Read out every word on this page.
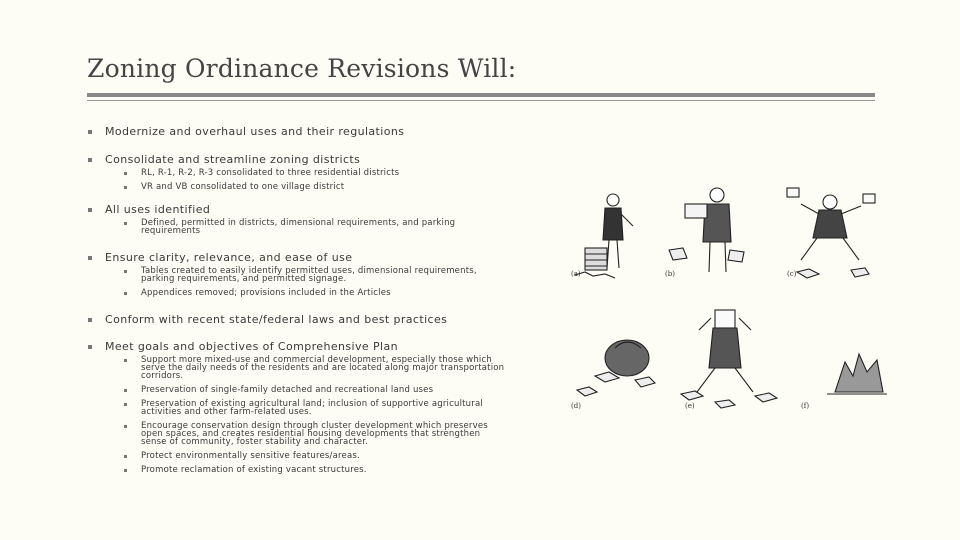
Zoning Ordinance Revisions Will:
Modernize and overhaul uses and their regulations
Consolidate and streamline zoning districts
RL, R-1, R-2, R-3 consolidated to three residential districts
VR and VB consolidated to one village district
All uses identified
Defined, permitted in districts, dimensional requirements, and parking requirements
Ensure clarity, relevance, and ease of use
Tables created to easily identify permitted uses, dimensional requirements, parking requirements, and permitted signage.
Appendices removed; provisions included in the Articles
Conform with recent state/federal laws and best practices
Meet goals and objectives of Comprehensive Plan
Support more mixed-use and commercial development, especially those which serve the daily needs of the residents and are located along major transportation corridors.
Preservation of single-family detached and recreational land uses
Preservation of existing agricultural land; inclusion of supportive agricultural activities and other farm-related uses.
Encourage conservation design through cluster development which preserves open spaces, and creates residential housing developments that strengthen sense of community, foster stability and character.
Protect environmentally sensitive features/areas.
Promote reclamation of existing vacant structures.
(a)	(b)	(c)
(d)	(e)	(f)
